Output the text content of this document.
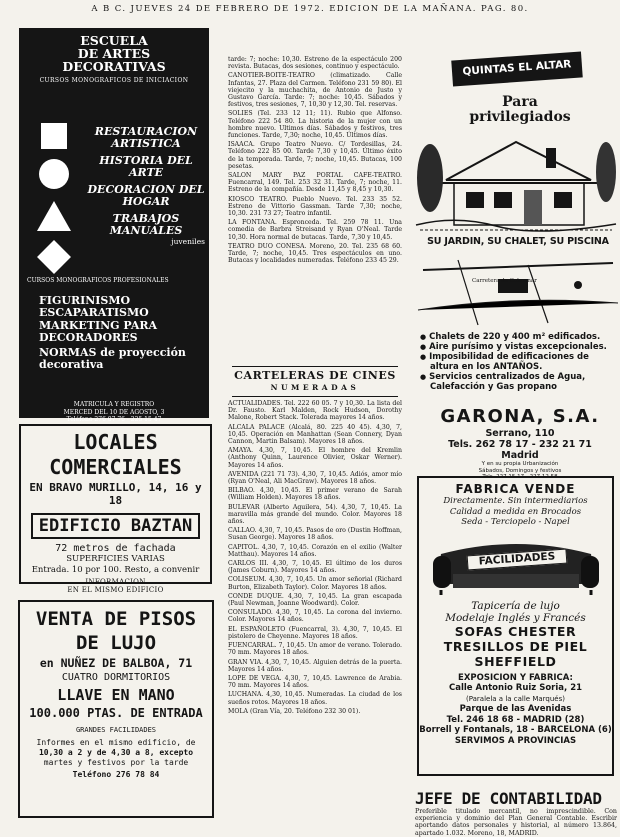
A B C. JUEVES 24 DE FEBRERO DE 1972. EDICION DE LA MAÑANA. PAG. 80.
ESCUELA
DE ARTES
DECORATIVAS
CURSOS MONOGRAFICOS DE INICIACION
RESTAURACION ARTISTICA
HISTORIA DEL ARTE
DECORACION DEL HOGAR
TRABAJOS MANUALES
juveniles
CURSOS MONOGRAFICOS PROFESIONALES
FIGURINISMO
ESCAPARATISMO
MARKETING PARA DECORADORES
NORMAS de proyección decorativa
MATRICULA Y REGISTRO
MERCED DEL 10 DE AGOSTO, 3
Teléfono 276 07 76 - 225 15 47
LOCALES
COMERCIALES
EN BRAVO MURILLO, 14, 16 y 18
EDIFICIO BAZTAN
72 metros de fachada
SUPERFICIES VARIAS
Entrada. 10 por 100. Resto, a convenir
INFORMACION
EN EL MISMO EDIFICIO
VENTA DE PISOS
DE LUJO
en NUÑEZ DE BALBOA, 71
CUATRO DORMITORIOS
LLAVE EN MANO
100.000 PTAS. DE ENTRADA
GRANDES FACILIDADES
Informes en el mismo edificio, de
10,30 a 2 y de 4,30 a 8, excepto
martes y festivos por la tarde
Teléfono 276 78 84

tarde: 7; noche: 10,30. Estreno de la espectáculo 200 revista. Butacas, dos sesiones, continuo y espectáculo.

CANOTIER-BOITE-TEATRO (climatizado. Calle Infantas, 27. Plaza del Carmen. Teléfono 231 59 80). El viejecito y la muchachita, de Antonio de Justo y Gustavo García. Tarde: 7; noche: 10,45. Sábados y festivos, tres sesiones, 7, 10,30 y 12,30. Tel. reservas.

SOLIES (Tel. 233 12 11; 11). Rubio que Alfonso. Teléfono 222 54 80. La historia de la mujer con un hombre nuevo. Ultimos días. Sábados y festivos, tres funciones. Tarde, 7,30; noche, 10,45. Últimos días.

ISAACA. Grupo Teatro Nuevo. C/ Tordesillas, 24. Teléfono 222 85 00. Tarde 7,30 y 10,45. Último éxito de la temporada. Tarde, 7; noche, 10,45. Butacas, 100 pesetas.

SALON MARY PAZ PORTAL CAFE-TEATRO. Fuencarral, 149. Tel. 253 32 31. Tarde, 7; noche, 11. Estreno de la compañía. Desde 11,45 y 8,45 y 10,30.

KIOSCO TEATRO. Pueblo Nuevo. Tel. 233 35 52. Estreno de Vittorio Gassman. Tarde 7,30; noche, 10,30. 231 73 27; Teatro infantil.

LA FONTANA. Espronceda. Tel. 259 78 11. Una comedia de Barbra Streisand y Ryan O'Neal. Tarde 10,30. Hora normal de butacas. Tarde, 7,30 y 10,45.

TEATRO DUO CONESA. Moreno, 20. Tel. 235 68 60. Tarde, 7; noche, 10,45. Tres espectáculos en uno. Butacas y localidades numeradas. Teléfono 233 45 29.

CARTELERAS DE CINES
NUMERADAS

ACTUALIDADES. Tel. 222 60 05. 7 y 10,30. La lista del Dr. Fausto. Karl Malden, Rock Hudson, Dorothy Malone, Robert Stack. Tolerada mayores 14 años.

ALCALA PALACE (Alcalá, 80. 225 40 45). 4,30, 7, 10,45. Operación en Manhattan (Sean Connery, Dyan Cannon, Martin Balsam). Mayores 18 años.

AMAYA. 4,30, 7, 10,45. El hombre del Kremlin (Anthony Quinn, Laurence Olivier, Oskar Werner). Mayores 14 años.

AVENIDA (221 71 73). 4,30, 7, 10,45. Adiós, amor mío (Ryan O'Neal, Ali MacGraw). Mayores 18 años.

BILBAO. 4,30, 10,45. El primer verano de Sarah (William Holden). Mayores 18 años.

BULEVAR (Alberto Aguilera, 54). 4,30, 7, 10,45. La maravilla más grande del mundo. Color. Mayores 18 años.

CALLAO. 4,30, 7, 10,45. Pasos de oro (Dustin Hoffman, Susan George). Mayores 18 años.

CAPITOL. 4,30, 7, 10,45. Corazón en el exilio (Walter Matthau). Mayores 14 años.

CARLOS III. 4,30, 7, 10,45. El último de los duros (James Coburn). Mayores 14 años.

COLISEUM. 4,30, 7, 10,45. Un amor señorial (Richard Burton, Elizabeth Taylor). Color. Mayores 18 años.

CONDE DUQUE. 4,30, 7, 10,45. La gran escapada (Paul Newman, Joanne Woodward). Color.

CONSULADO. 4,30, 7, 10,45. La corona del invierno. Color. Mayores 14 años.

EL ESPAÑOLETO (Fuencarral, 3). 4,30, 7, 10,45. El pistolero de Cheyenne. Mayores 18 años.

FUENCARRAL. 7, 10,45. Un amor de verano. Tolerado. 70 mm. Mayores 18 años.

GRAN VIA. 4,30, 7, 10,45. Alguien detrás de la puerta. Mayores 14 años.

LOPE DE VEGA. 4,30, 7, 10,45. Lawrence de Arabia. 70 mm. Mayores 14 años.

LUCHANA. 4,30, 10,45. Numeradas. La ciudad de los sueños rotos. Mayores 18 años.

MOLA (Gran Vía, 20. Teléfono 232 30 01).

QUINTAS EL ALTAR
Para privilegiados
SU JARDIN, SU CHALET, SU PISCINA
Carretera de Colmenar
● Chalets de 220 y 400 m² edificados.
● Aire purísimo y vistas excepcionales.
● Imposibilidad de edificaciones de altura en los ANTAÑOS.
● Servicios centralizados de Agua, Calefacción y Gas propano
GARONA, S.A.
Serrano, 110
Tels. 262 78 17 - 232 21 71
Madrid
Y en su propia Urbanización
Sábados, Domingos y festivos
Tels. 227 15 17 - 227 12 58
FABRICA VENDE
Directamente. Sin intermediarios
Calidad a medida en Brocados
Seda - Terciopelo - Napel
FACILIDADES
Tapicería de lujo
Modelaje Inglés y Francés
SOFAS CHESTER
TRESILLOS DE PIEL
SHEFFIELD
EXPOSICION Y FABRICA:
Calle Antonio Ruiz Soria, 21
(Paralela a la calle Marqués)
Parque de las Avenidas
Tel. 246 18 68 - MADRID (28)
Borrell y Fontanals, 18 - BARCELONA (6)
SERVIMOS A PROVINCIAS
JEFE DE CONTABILIDAD
Preferible titulado mercantil, no imprescindible. Con experiencia y dominio del Plan General Contable. Escribir aportando datos personales y historial, al número 13.864, apartado 1.032. Moreno, 18, MADRID.
